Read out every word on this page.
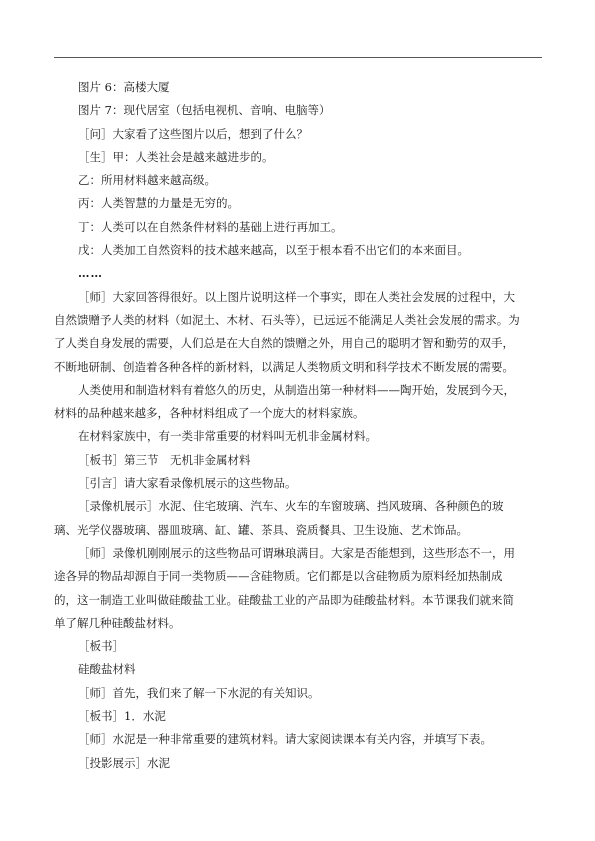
图片 6：高楼大厦

图片 7：现代居室（包括电视机、音响、电脑等）

［问］大家看了这些图片以后，想到了什么？

［生］甲：人类社会是越来越进步的。

乙：所用材料越来越高级。

丙：人类智慧的力量是无穷的。

丁：人类可以在自然条件材料的基础上进行再加工。

戊：人类加工自然资料的技术越来越高，以至于根本看不出它们的本来面目。

……

［师］大家回答得很好。以上图片说明这样一个事实，即在人类社会发展的过程中，大

自然馈赠予人类的材料（如泥土、木材、石头等），已远远不能满足人类社会发展的需求。为

了人类自身发展的需要，人们总是在大自然的馈赠之外，用自己的聪明才智和勤劳的双手，

不断地研制、创造着各种各样的新材料，以满足人类物质文明和科学技术不断发展的需要。

人类使用和制造材料有着悠久的历史，从制造出第一种材料——陶开始，发展到今天，

材料的品种越来越多，各种材料组成了一个庞大的材料家族。

在材料家族中，有一类非常重要的材料叫无机非金属材料。

［板书］第三节　无机非金属材料

［引言］请大家看录像机展示的这些物品。

［录像机展示］水泥、住宅玻璃、汽车、火车的车窗玻璃、挡风玻璃、各种颜色的玻

璃、光学仪器玻璃、器皿玻璃、缸、罐、茶具、瓷质餐具、卫生设施、艺术饰品。

［师］录像机刚刚展示的这些物品可谓琳琅满目。大家是否能想到，这些形态不一，用

途各异的物品却源自于同一类物质——含硅物质。它们都是以含硅物质为原料经加热制成

的，这一制造工业叫做硅酸盐工业。硅酸盐工业的产品即为硅酸盐材料。本节课我们就来简

单了解几种硅酸盐材料。

［板书］

硅酸盐材料

［师］首先，我们来了解一下水泥的有关知识。

［板书］1．水泥

［师］水泥是一种非常重要的建筑材料。请大家阅读课本有关内容，并填写下表。

［投影展示］水泥
